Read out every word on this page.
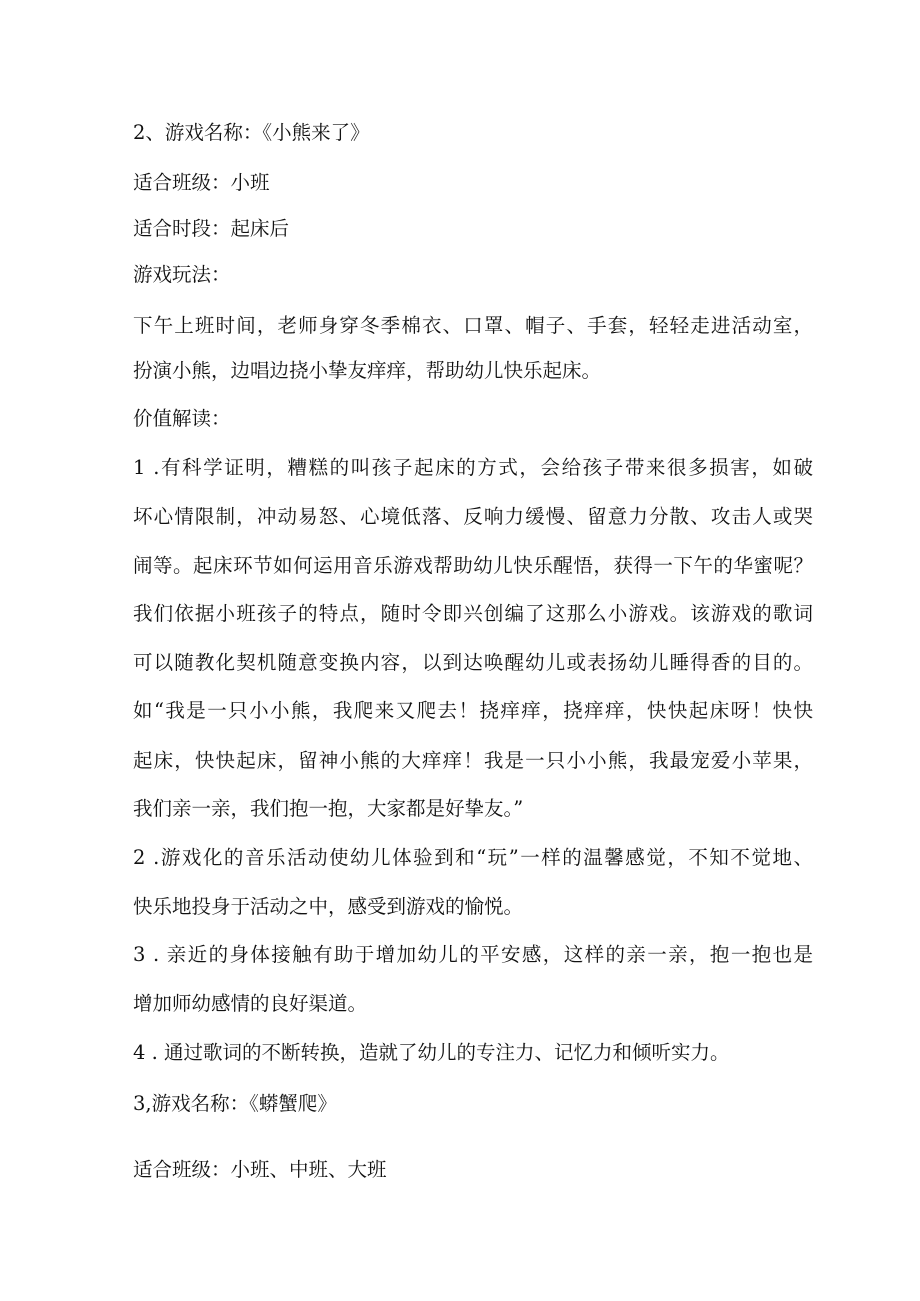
2、游戏名称：《小熊来了》
适合班级：小班
适合时段：起床后
游戏玩法：
下午上班时间，老师身穿冬季棉衣、口罩、帽子、手套，轻轻走进活动室，
扮演小熊，边唱边挠小挚友痒痒，帮助幼儿快乐起床。
价值解读：
1 .有科学证明，糟糕的叫孩子起床的方式，会给孩子带来很多损害，如破
坏心情限制，冲动易怒、心境低落、反响力缓慢、留意力分散、攻击人或哭
闹等。起床环节如何运用音乐游戏帮助幼儿快乐醒悟，获得一下午的华蜜呢？
我们依据小班孩子的特点，随时令即兴创编了这那么小游戏。该游戏的歌词
可以随教化契机随意变换内容，以到达唤醒幼儿或表扬幼儿睡得香的目的。
如“我是一只小小熊，我爬来又爬去！挠痒痒，挠痒痒，快快起床呀！快快
起床，快快起床，留神小熊的大痒痒！我是一只小小熊，我最宠爱小苹果，
我们亲一亲，我们抱一抱，大家都是好挚友。”
2 .游戏化的音乐活动使幼儿体验到和“玩”一样的温馨感觉，不知不觉地、
快乐地投身于活动之中，感受到游戏的愉悦。
3 . 亲近的身体接触有助于增加幼儿的平安感，这样的亲一亲，抱一抱也是
增加师幼感情的良好渠道。
4 . 通过歌词的不断转换，造就了幼儿的专注力、记忆力和倾听实力。
3,游戏名称：《蟒蟹爬》
适合班级：小班、中班、大班
